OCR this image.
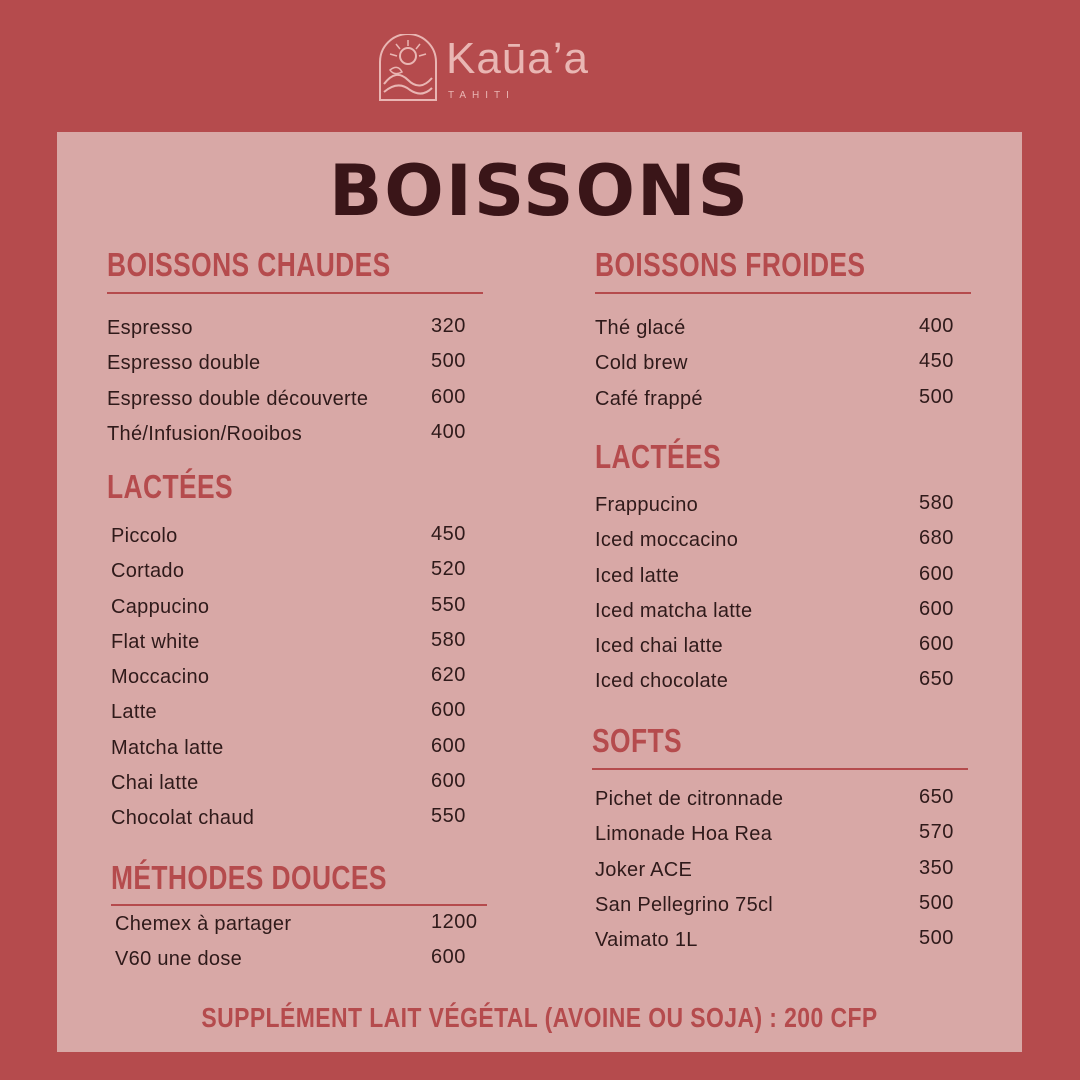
Kaūa’a
TAHITI
BOISSONS
BOISSONS CHAUDES
Espresso	320
Espresso double	500
Espresso double découverte	600
Thé/Infusion/Rooibos	400
LACTÉES
Piccolo	450
Cortado	520
Cappucino	550
Flat white	580
Moccacino	620
Latte	600
Matcha latte	600
Chai latte	600
Chocolat chaud	550
MÉTHODES DOUCES
Chemex à partager	1200
V60 une dose	600
BOISSONS FROIDES
Thé glacé	400
Cold brew	450
Café frappé	500
LACTÉES
Frappucino	580
Iced moccacino	680
Iced latte	600
Iced matcha latte	600
Iced chai latte	600
Iced chocolate	650
SOFTS
Pichet de citronnade	650
Limonade Hoa Rea	570
Joker ACE	350
San Pellegrino 75cl	500
Vaimato 1L	500
SUPPLÉMENT LAIT VÉGÉTAL (AVOINE OU SOJA) : 200 CFP
